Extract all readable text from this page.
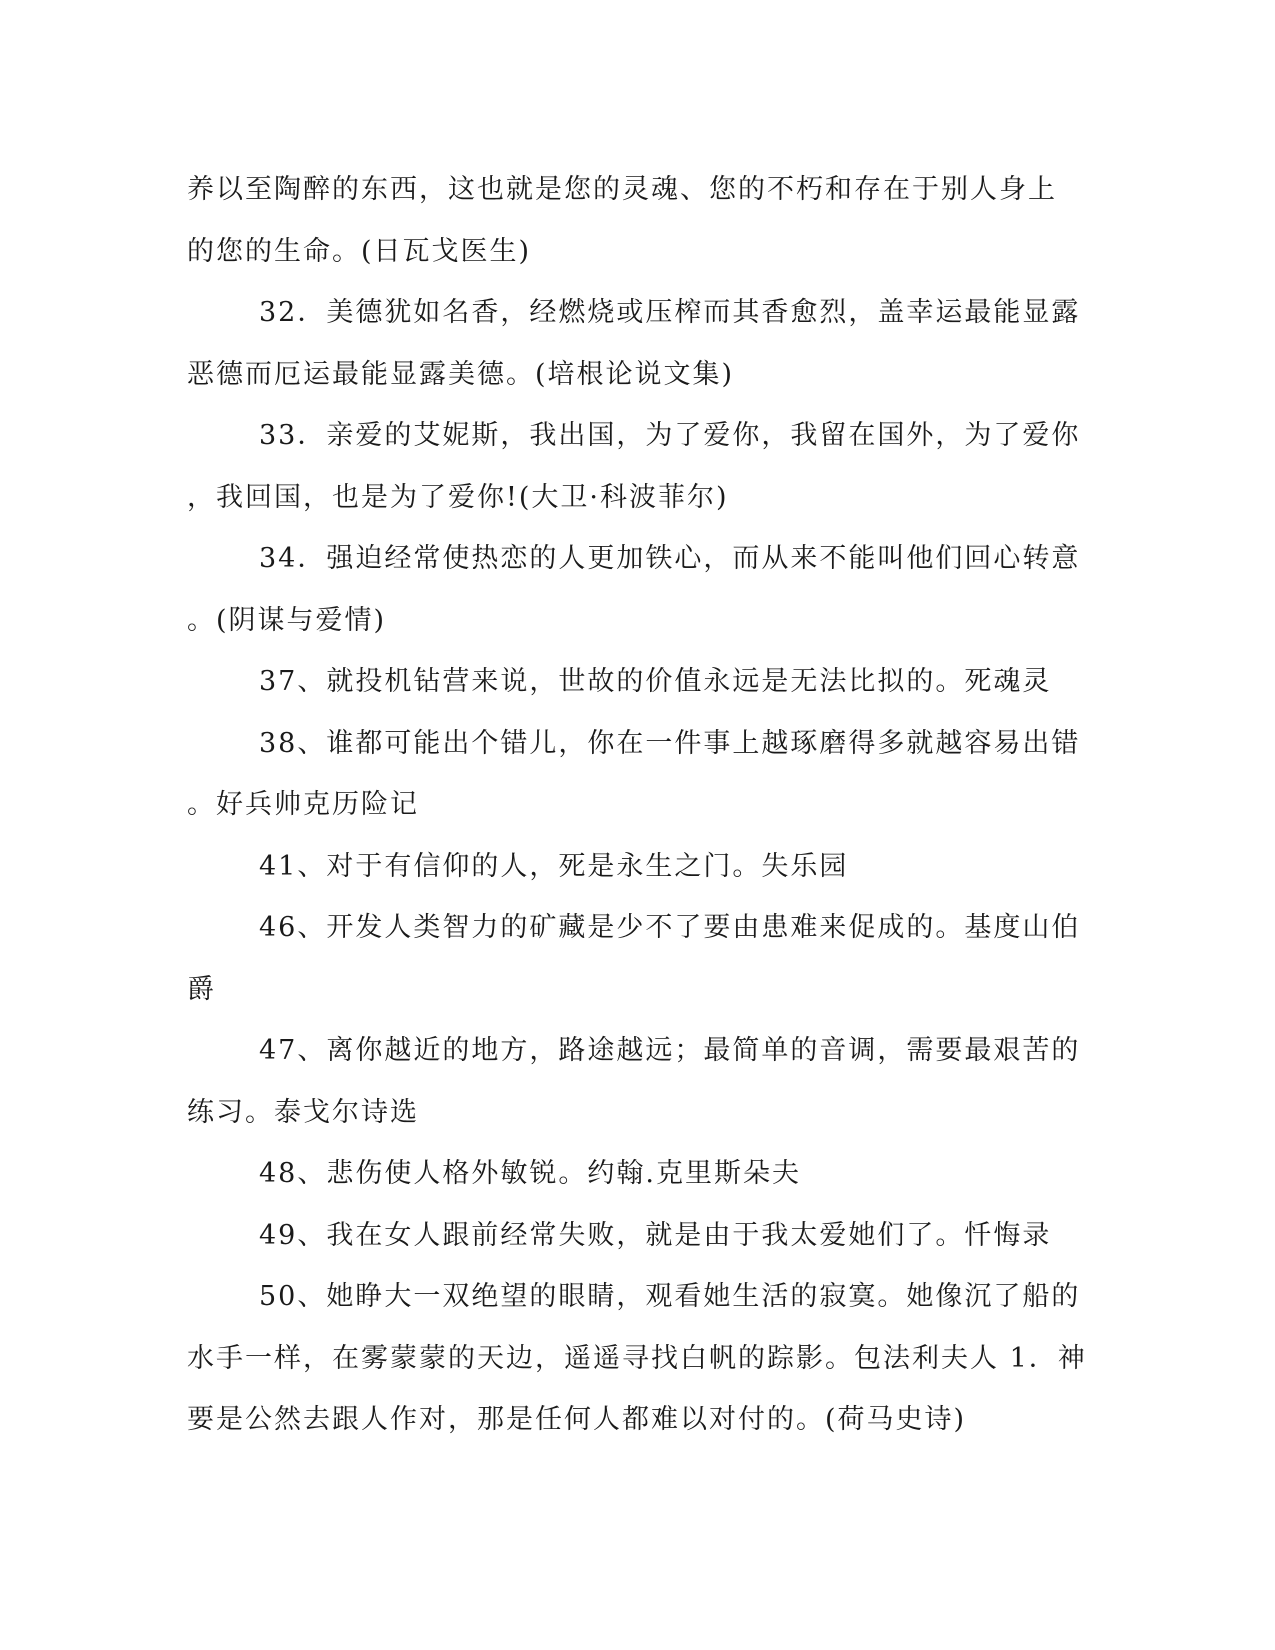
养以至陶醉的东西，这也就是您的灵魂、您的不朽和存在于别人身上
的您的生命。(日瓦戈医生)
32．美德犹如名香，经燃烧或压榨而其香愈烈，盖幸运最能显露
恶德而厄运最能显露美德。(培根论说文集)
33．亲爱的艾妮斯，我出国，为了爱你，我留在国外，为了爱你
，我回国，也是为了爱你!(大卫·科波菲尔)
34．强迫经常使热恋的人更加铁心，而从来不能叫他们回心转意
。(阴谋与爱情)
37、就投机钻营来说，世故的价值永远是无法比拟的。死魂灵
38、谁都可能出个错儿，你在一件事上越琢磨得多就越容易出错
。好兵帅克历险记
41、对于有信仰的人，死是永生之门。失乐园
46、开发人类智力的矿藏是少不了要由患难来促成的。基度山伯
爵
47、离你越近的地方，路途越远；最简单的音调，需要最艰苦的
练习。泰戈尔诗选
48、悲伤使人格外敏锐。约翰.克里斯朵夫
49、我在女人跟前经常失败，就是由于我太爱她们了。忏悔录
50、她睁大一双绝望的眼睛，观看她生活的寂寞。她像沉了船的
水手一样，在雾蒙蒙的天边，遥遥寻找白帆的踪影。包法利夫人 1．神
要是公然去跟人作对，那是任何人都难以对付的。(荷马史诗)
